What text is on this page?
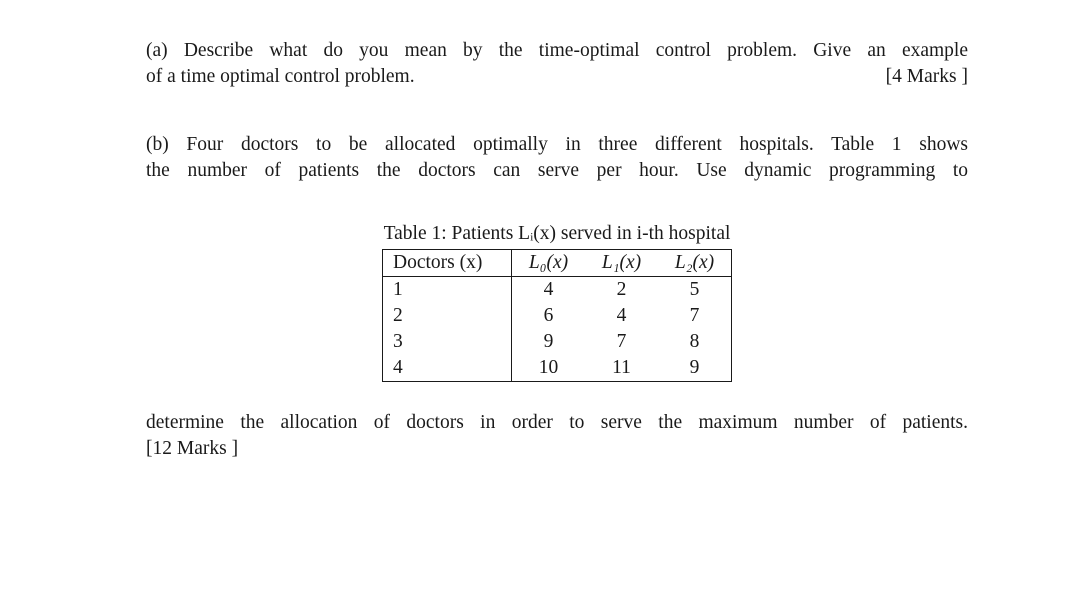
(a) Describe what do you mean by the time-optimal control problem. Give an example
of a time optimal control problem.	[4 Marks ]
(b) Four doctors to be allocated optimally in three different hospitals. Table 1 shows
the number of patients the doctors can serve per hour. Use dynamic programming to
Table 1: Patients Lᵢ(x) served in i-th hospital
Doctors (x)	L₀(x)	L₁(x)	L₂(x)
1	4	2	5
2	6	4	7
3	9	7	8
4	10	11	9
determine the allocation of doctors in order to serve the maximum number of patients.
[12 Marks ]
